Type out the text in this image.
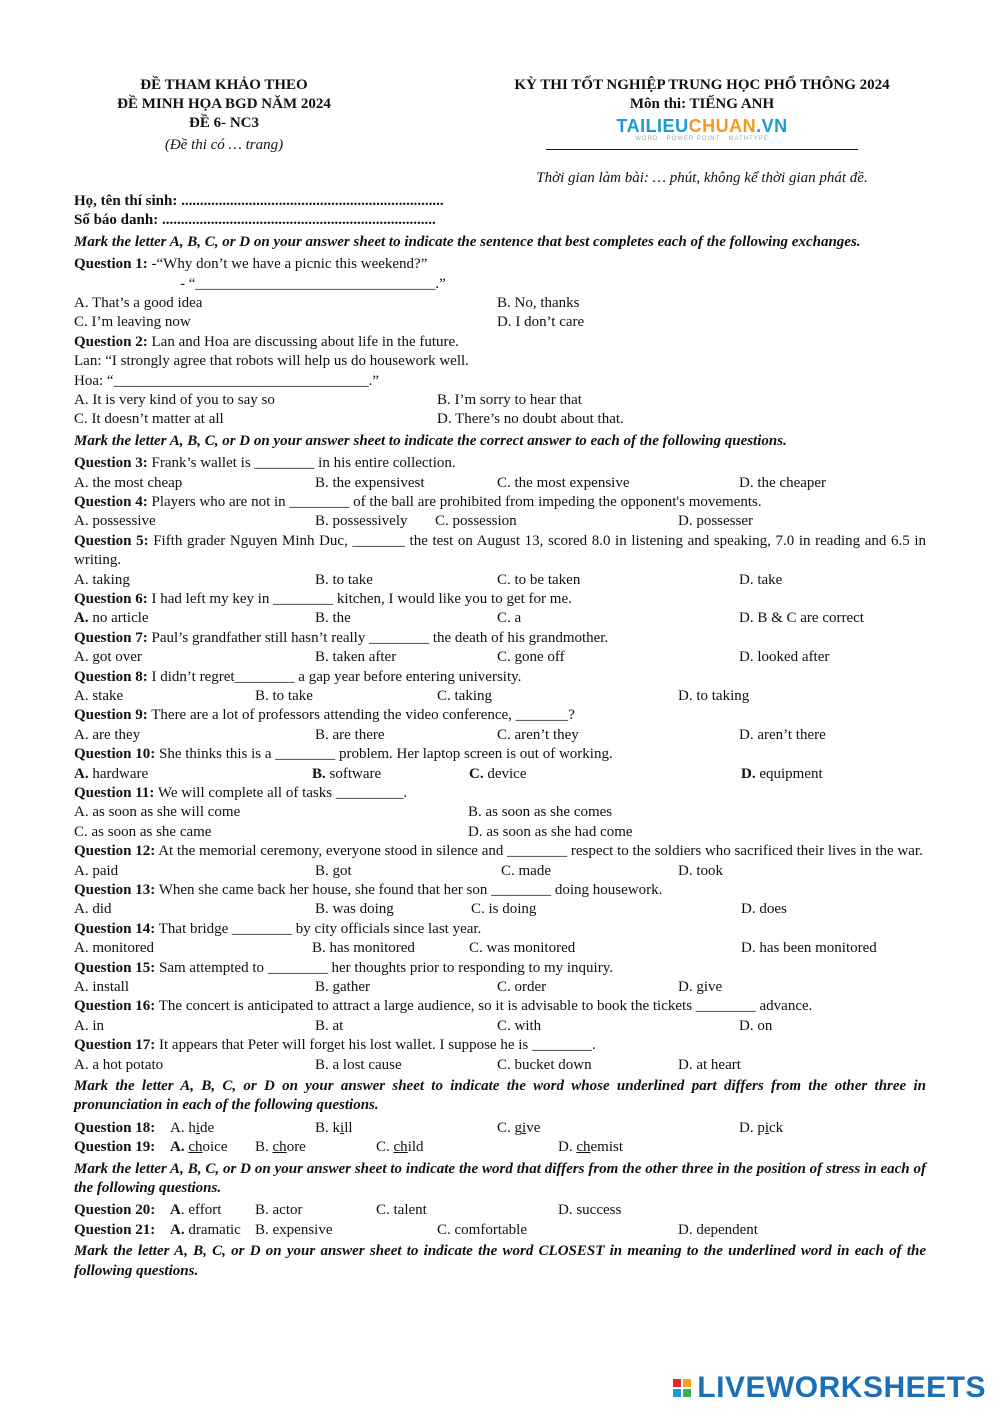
ĐỀ THAM KHẢO THEO
ĐỀ MINH HỌA BGD NĂM 2024
ĐỀ 6- NC3
(Đề thi có … trang)
KỲ THI TỐT NGHIỆP TRUNG HỌC PHỔ THÔNG 2024
Môn thi: TIẾNG ANH
TAILIEUCHUAN.VN
WORD · POWER POINT · MATHTYPE
Thời gian làm bài: … phút, không kể thời gian phát đề.
Họ, tên thí sinh: ......................................................................
Số báo danh: .........................................................................
Mark the letter A, B, C, or D on your answer sheet to indicate the sentence that best completes each of the following exchanges.
Question 1: -“Why don’t we have a picnic this weekend?”
- “________________________________.”
A. That’s a good idea	B. No, thanks
C. I’m leaving now	D. I don’t care
Question 2: Lan and Hoa are discussing about life in the future.
Lan: “I strongly agree that robots will help us do housework well.
Hoa: “__________________________________.”
A. It is very kind of you to say so	B. I’m sorry to hear that
C. It doesn’t matter at all	D. There’s no doubt about that.
Mark the letter A, B, C, or D on your answer sheet to indicate the correct answer to each of the following questions.
Question 3: Frank’s wallet is ________ in his entire collection.
A. the most cheap	B. the expensivest	C. the most expensive	D. the cheaper
Question 4: Players who are not in ________ of the ball are prohibited from impeding the opponent's movements.
A. possessive	B. possessively C. possession	D. possesser
Question 5: Fifth grader Nguyen Minh Duc, _______ the test on August 13, scored 8.0 in listening and speaking, 7.0 in reading and 6.5 in writing.
A. taking	B. to take	C. to be taken	D. take
Question 6: I had left my key in ________ kitchen, I would like you to get for me.
A. no article	B. the	C. a	D. B & C are correct
Question 7: Paul’s grandfather still hasn’t really ________ the death of his grandmother.
A. got over	B. taken after	C. gone off	D. looked after
Question 8: I didn’t regret________ a gap year before entering university.
A. stake	B. to take	C. taking	D. to taking
Question 9: There are a lot of professors attending the video conference, _______?
A. are they	B. are there	C. aren’t they	D. aren’t there
Question 10: She thinks this is a ________ problem. Her laptop screen is out of working.
A. hardware	B. software	C. device	D. equipment
Question 11: We will complete all of tasks _________.
A. as soon as she will come	B. as soon as she comes
C. as soon as she came	D. as soon as she had come
Question 12: At the memorial ceremony, everyone stood in silence and ________ respect to the soldiers who sacrificed their lives in the war.
A. paid	B. got	C. made	D. took
Question 13: When she came back her house, she found that her son ________ doing housework.
A. did	B. was doing	C. is doing	D. does
Question 14: That bridge ________ by city officials since last year.
A. monitored	B. has monitored	C. was monitored	D. has been monitored
Question 15: Sam attempted to ________ her thoughts prior to responding to my inquiry.
A. install	B. gather	C. order	D. give
Question 16: The concert is anticipated to attract a large audience, so it is advisable to book the tickets ________ advance.
A. in	B. at	C. with	D. on
Question 17: It appears that Peter will forget his lost wallet. I suppose he is ________.
A. a hot potato	B. a lost cause	C. bucket down	D. at heart
Mark the letter A, B, C, or D on your answer sheet to indicate the word whose underlined part differs from the other three in pronunciation in each of the following questions.
Question 18: A. hide	B. kill	C. give	D. pick
Question 19: A. choice B. chore	C. child	D. chemist
Mark the letter A, B, C, or D on your answer sheet to indicate the word that differs from the other three in the position of stress in each of the following questions.
Question 20: A. effort B. actor	C. talent	D. success
Question 21: A. dramatic B. expensive	C. comfortable	D. dependent
Mark the letter A, B, C, or D on your answer sheet to indicate the word CLOSEST in meaning to the underlined word in each of the following questions.
LIVEWORKSHEETS
